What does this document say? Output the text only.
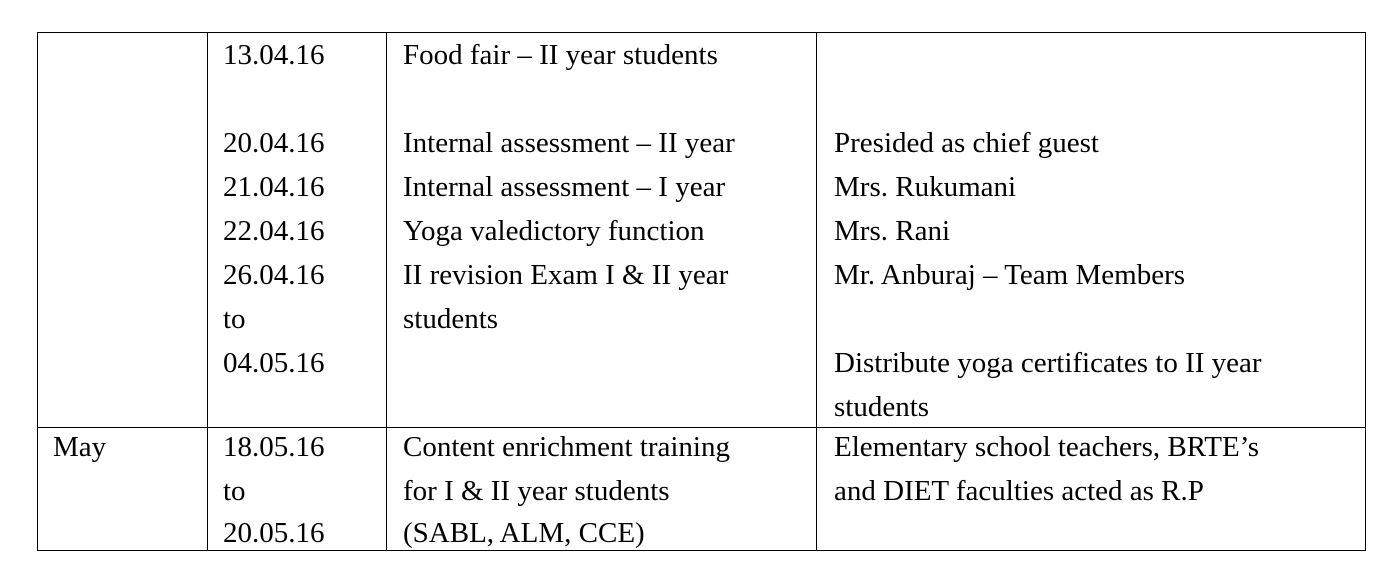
13.04.16
20.04.16
21.04.16
22.04.16
26.04.16
to
04.05.16
Food fair – II year students
Internal assessment – II year
Internal assessment – I year
Yoga valedictory function
II revision Exam I & II year
students
Presided as chief guest
Mrs. Rukumani
Mrs. Rani
Mr. Anburaj – Team Members
Distribute yoga certificates to II year
students
May	18.05.16
to
20.05.16
Content enrichment training
for I & II year students
(SABL, ALM, CCE)
Elementary school teachers, BRTE’s
and DIET faculties acted as R.P
